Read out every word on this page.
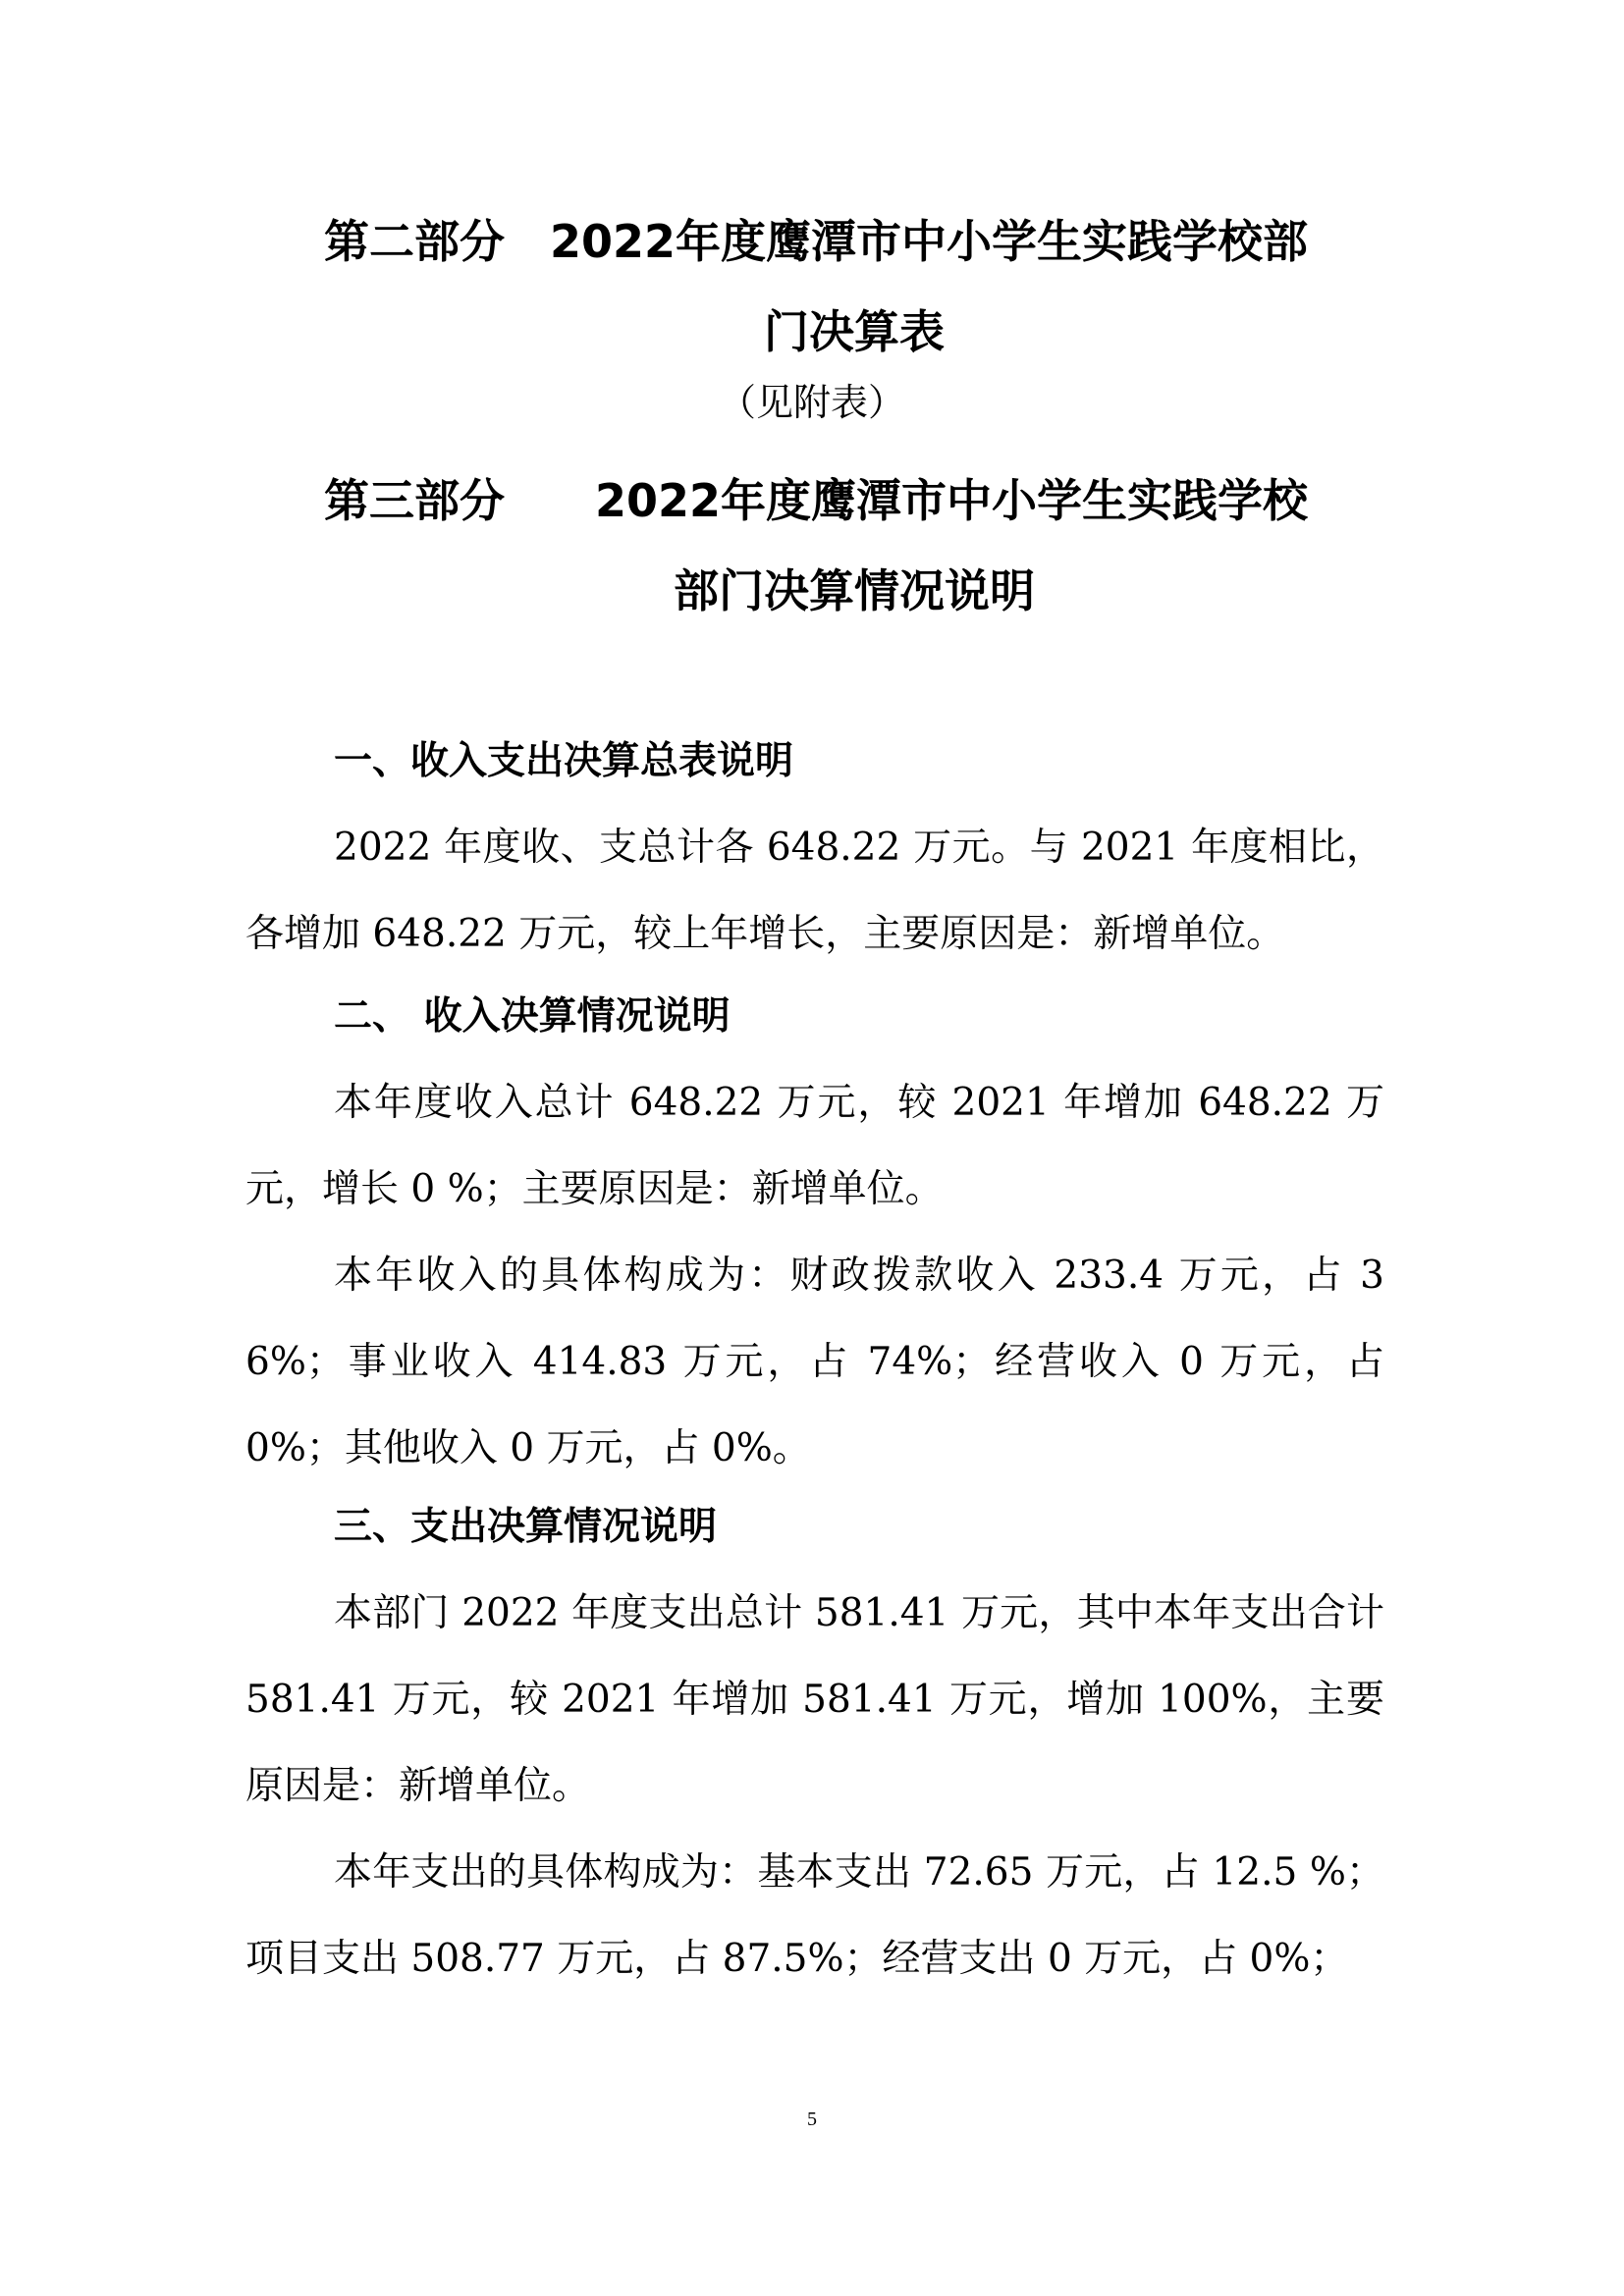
第二部分　2022年度鹰潭市中小学生实践学校部
门决算表
（见附表）
第三部分　　2022年度鹰潭市中小学生实践学校
部门决算情况说明
一、收入支出决算总表说明
2022 年度收、支总计各 648.22 万元。与 2021 年度相比，各增加 648.22 万元，较上年增长，主要原因是：新增单位。
二、 收入决算情况说明
本年度收入总计 648.22 万元，较 2021 年增加 648.22 万元，增长 0 %；主要原因是：新增单位。
本年收入的具体构成为：财政拨款收入 233.4 万元，占 36%；事业收入 414.83 万元，占 74%；经营收入 0 万元，占 0%；其他收入 0 万元，占 0%。
三、支出决算情况说明
本部门 2022 年度支出总计 581.41 万元，其中本年支出合计 581.41 万元，较 2021 年增加 581.41 万元，增加 100%，主要原因是：新增单位。
本年支出的具体构成为：基本支出 72.65 万元，占 12.5 %；项目支出 508.77 万元，占 87.5%；经营支出 0 万元，占 0%；
5
